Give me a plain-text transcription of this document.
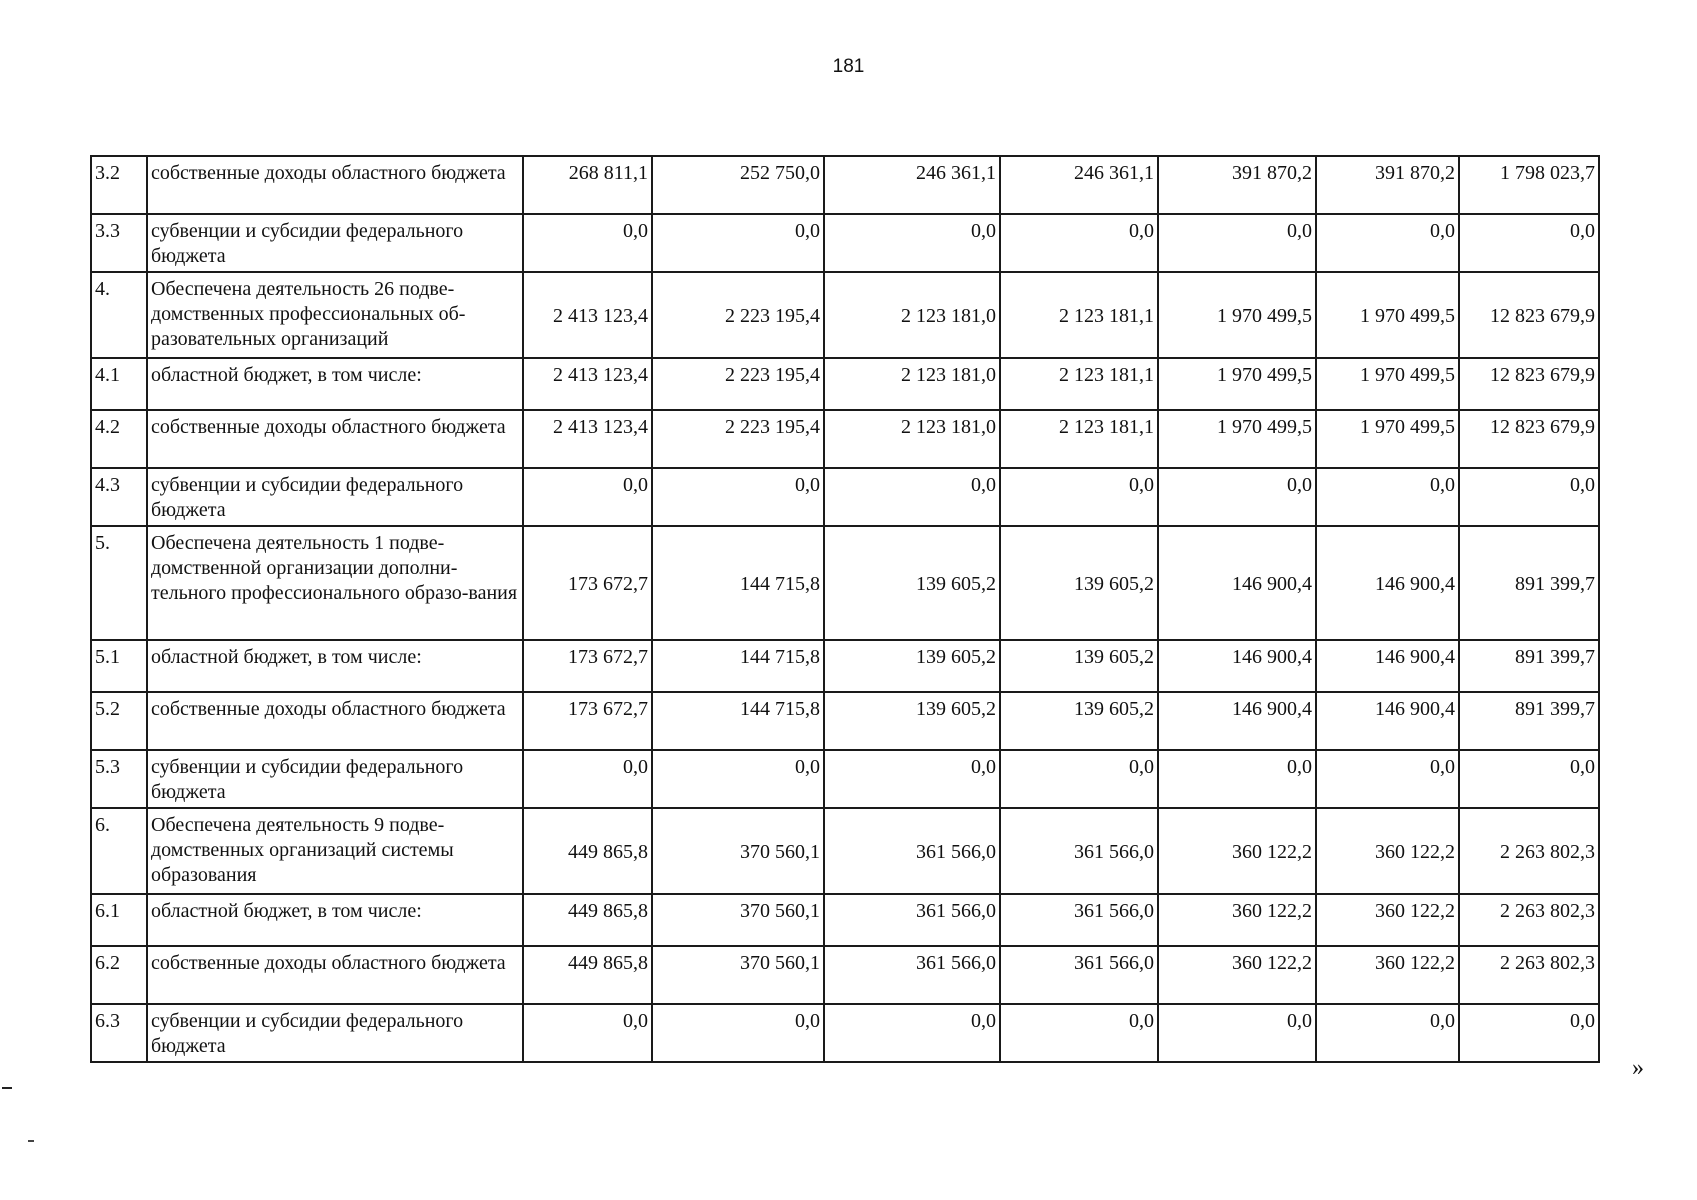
181
3.2	собственные доходы областного бюджета	268 811,1	252 750,0	246 361,1	246 361,1	391 870,2	391 870,2	1 798 023,7
3.3	субвенции и субсидии федерального бюджета	0,0	0,0	0,0	0,0	0,0	0,0	0,0
4.	Обеспечена деятельность 26 подве-домственных профессиональных об-разовательных организаций	2 413 123,4	2 223 195,4	2 123 181,0	2 123 181,1	1 970 499,5	1 970 499,5	12 823 679,9
4.1	областной бюджет, в том числе:	2 413 123,4	2 223 195,4	2 123 181,0	2 123 181,1	1 970 499,5	1 970 499,5	12 823 679,9
4.2	собственные доходы областного бюджета	2 413 123,4	2 223 195,4	2 123 181,0	2 123 181,1	1 970 499,5	1 970 499,5	12 823 679,9
4.3	субвенции и субсидии федерального бюджета	0,0	0,0	0,0	0,0	0,0	0,0	0,0
5.	Обеспечена деятельность 1 подве-домственной организации дополни-тельного профессионального образо-вания	173 672,7	144 715,8	139 605,2	139 605,2	146 900,4	146 900,4	891 399,7
5.1	областной бюджет, в том числе:	173 672,7	144 715,8	139 605,2	139 605,2	146 900,4	146 900,4	891 399,7
5.2	собственные доходы областного бюджета	173 672,7	144 715,8	139 605,2	139 605,2	146 900,4	146 900,4	891 399,7
5.3	субвенции и субсидии федерального бюджета	0,0	0,0	0,0	0,0	0,0	0,0	0,0
6.	Обеспечена деятельность 9 подве-домственных организаций системы образования	449 865,8	370 560,1	361 566,0	361 566,0	360 122,2	360 122,2	2 263 802,3
6.1	областной бюджет, в том числе:	449 865,8	370 560,1	361 566,0	361 566,0	360 122,2	360 122,2	2 263 802,3
6.2	собственные доходы областного бюджета	449 865,8	370 560,1	361 566,0	361 566,0	360 122,2	360 122,2	2 263 802,3
6.3	субвенции и субсидии федерального бюджета	0,0	0,0	0,0	0,0	0,0	0,0	0,0
»
